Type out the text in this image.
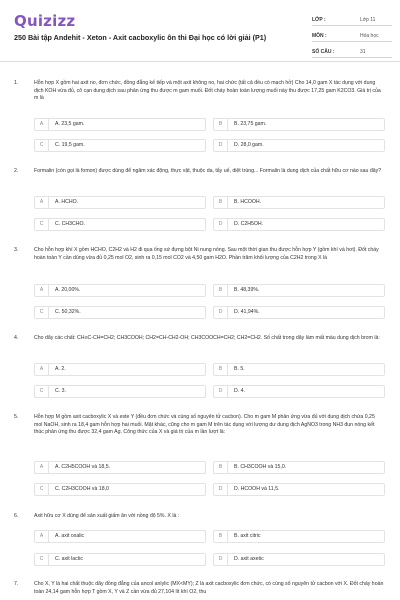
Quizizz
250 Bài tập Andehit - Xeton - Axit cacboxylic ôn thi Đại học có lời giải (P1)
LỚP :	Lớp 11
MÔN :	Hóa học
SỐ CÂU :	31
1.	Hỗn hợp X gồm hai axit no, đơn chức, đồng đẳng kế tiếp và một axit không no, hai chức (tất cả đều có mạch hở) Cho 14,0 gam X tác dụng với dung dịch KOH vừa đủ, cô cạn dung dịch sau phản ứng thu được m gam muối. Đốt cháy hoàn toàn lượng muối này thu được 17,25 gam K2CO3. Giá trị của m là
A	A. 23,5 gam.	B	B. 23,75 gam.
C	C. 19,5 gam.	D	D. 28,0 gam.
2.	Formalin (còn gọi là fomon) được dùng để ngâm xác động, thực vật, thuộc da, tẩy uế, diệt trùng... Formalin là dung dịch của chất hữu cơ nào sau đây?
A	A. HCHO.	B	B. HCOOH.
C	C. CH3CHO.	D	D. C2H5OH.
3.	Cho hỗn hợp khí X gồm HCHO, C2H2 và H2 đi qua ống sứ đựng bột Ni nung nóng. Sau một thời gian thu được hỗn hợp Y (gồm khí và hơi). Đốt cháy hoàn toàn Y cần dùng vừa đủ 0,25 mol O2, sinh ra 0,15 mol CO2 và 4,50 gam H2O. Phần trăm khối lượng của C2H2 trong X là
A	A. 20,00%.	B	B. 48,39%.
C	C. 50,32%.	D	D. 41,94%.
4.	Cho dãy các chất: CH≡C-CH=CH2; CH3COOH; CH2=CH-CH2-OH; CH3COOCH=CH2; CH2=CH2. Số chất trong dãy làm mất màu dung dịch brom là:
A	A. 2.	B	B. 5.
C	C. 3.	D	D. 4.
5.	Hỗn hợp M gồm axit cacboxylic X và este Y (đều đơn chức và cùng số nguyên tử cacbon). Cho m gam M phản ứng vừa đủ với dung dịch chứa 0,25 mol NaOH, sinh ra 18,4 gam hỗn hợp hai muối. Mặt khác, cũng cho m gam M trên tác dụng với lượng dư dung dịch AgNO3 trong NH3 đun nóng kết thúc phản ứng thu được 32,4 gam Ag. Công thức của X và giá trị của m lần lượt là:
A	A. C2H5COOH và 18,5.	B	B. CH3COOH và 15,0.
C	C. C2H3COOH và 18,0	D	D. HCOOH và 11,5.
6.	Axit hữu cơ X dùng để sản xuất giấm ăn với nồng độ 5%. X là :
A	A. axit oxalic	B	B. axit citric
C	C. axit lactic	D	D. axit axetic
7.	Cho X, Y là hai chất thuộc dãy đồng đẳng của ancol anlylic (MX<MY); Z là axit cacboxylic đơn chức, có cùng số nguyên tử cacbon với X. Đốt cháy hoàn toàn 24,14 gam hỗn hợp T gồm X, Y và Z cần vừa đủ 27,104 lít khí O2, thu
